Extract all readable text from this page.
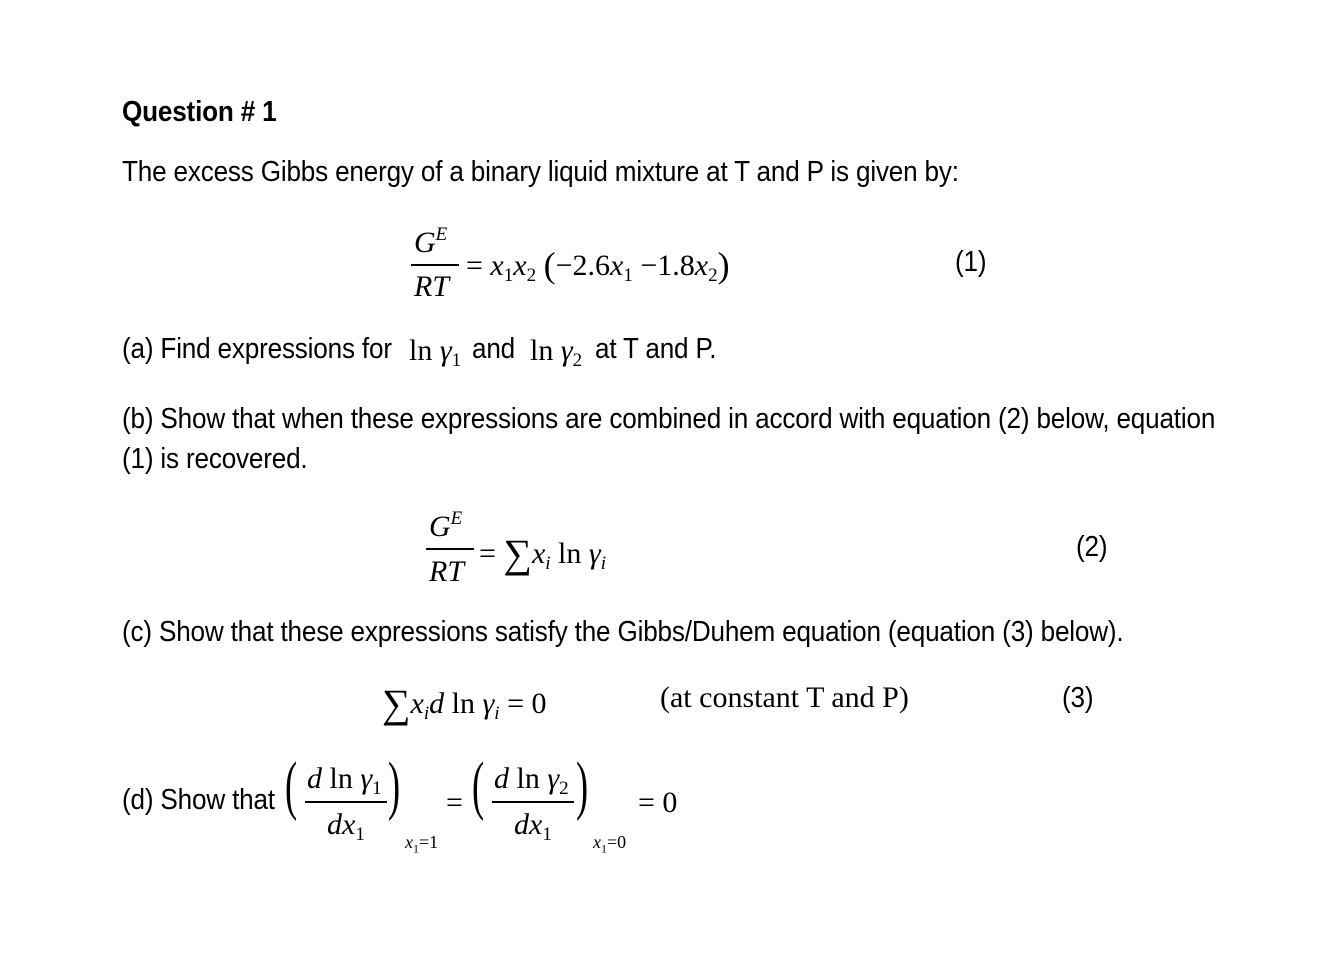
Question # 1
The excess Gibbs energy of a binary liquid mixture at T and P is given by:
$G^E$
RT
= $x_1x_2$ $(-2.6x_1 -1.8x_2)$	(1)
(a) Find expressions for $\ln \gamma_1$ and $\ln \gamma_2$ at T and P.
(b) Show that when these expressions are combined in accord with equation (2) below, equation
(1) is recovered.
$G^E$
RT
= $\sum x_i$ $\ln \gamma_i$
(2)
(c) Show that these expressions satisfy the Gibbs/Duhem equation (equation (3) below).
$\sum x_id$ $\ln \gamma_i = 0$	(at constant T and P)	(3)
(d) Show that ( d $\ln \gamma_1$
$dx_1$
)
$x_1=1$
= ( d $\ln \gamma_2$
$dx_1$
)
$x_1=0$
= 0
